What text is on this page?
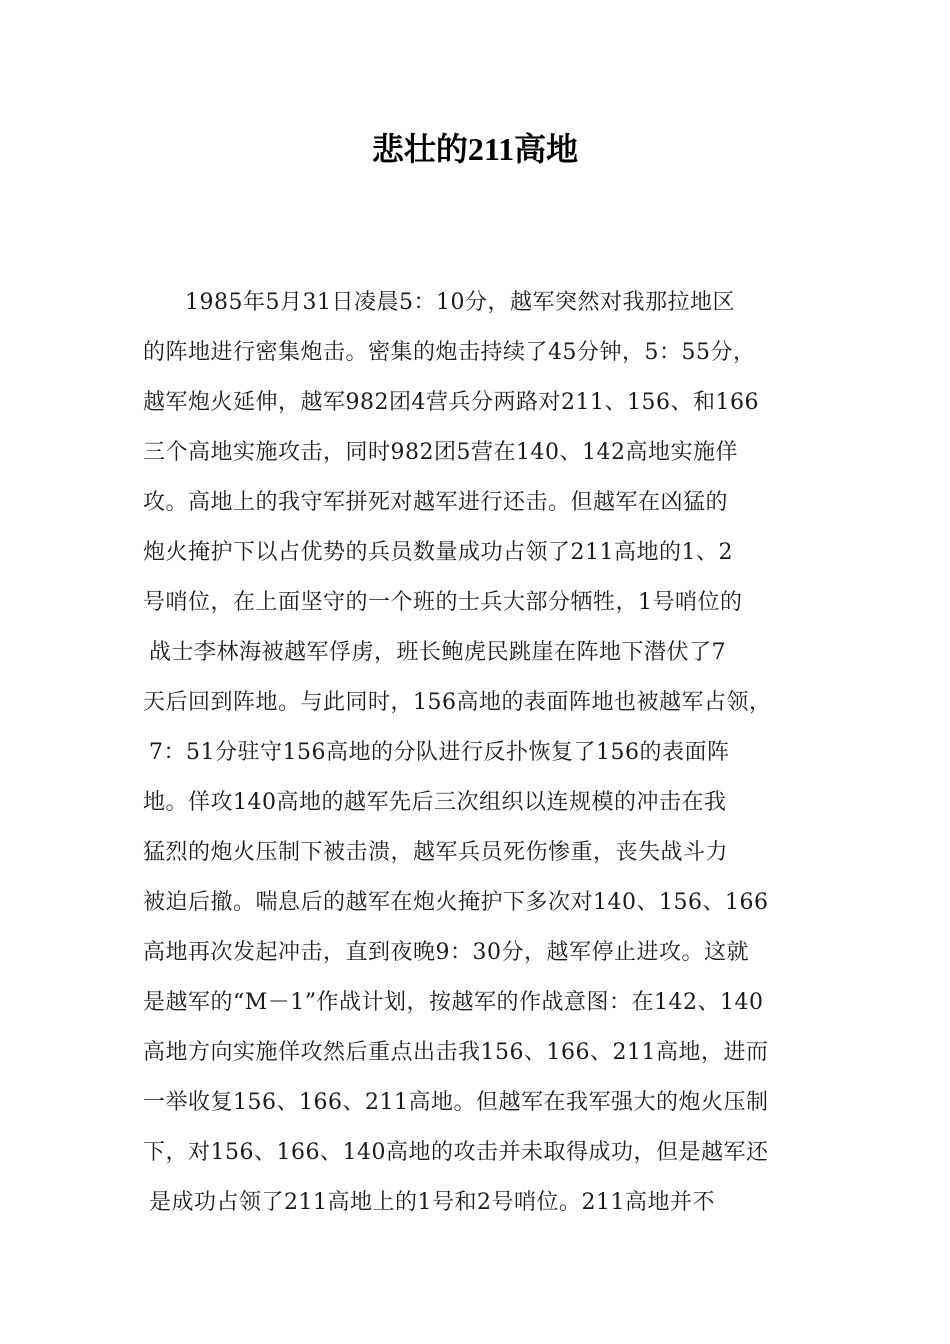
悲壮的211高地
1985年5月31日凌晨5：10分，越军突然对我那拉地区
的阵地进行密集炮击。密集的炮击持续了45分钟，5：55分，
越军炮火延伸，越军982团4营兵分两路对211、156、和166
三个高地实施攻击，同时982团5营在140、142高地实施佯
攻。高地上的我守军拼死对越军进行还击。但越军在凶猛的
炮火掩护下以占优势的兵员数量成功占领了211高地的1、2
号哨位，在上面坚守的一个班的士兵大部分牺牲，1号哨位的
战士李林海被越军俘虏，班长鲍虎民跳崖在阵地下潜伏了7
天后回到阵地。与此同时，156高地的表面阵地也被越军占领，
7：51分驻守156高地的分队进行反扑恢复了156的表面阵
地。佯攻140高地的越军先后三次组织以连规模的冲击在我
猛烈的炮火压制下被击溃，越军兵员死伤惨重，丧失战斗力
被迫后撤。喘息后的越军在炮火掩护下多次对140、156、166
高地再次发起冲击，直到夜晚9：30分，越军停止进攻。这就
是越军的“M－1”作战计划，按越军的作战意图：在142、140
高地方向实施佯攻然后重点出击我156、166、211高地，进而
一举收复156、166、211高地。但越军在我军强大的炮火压制
下，对156、166、140高地的攻击并未取得成功，但是越军还
是成功占领了211高地上的1号和2号哨位。211高地并不
